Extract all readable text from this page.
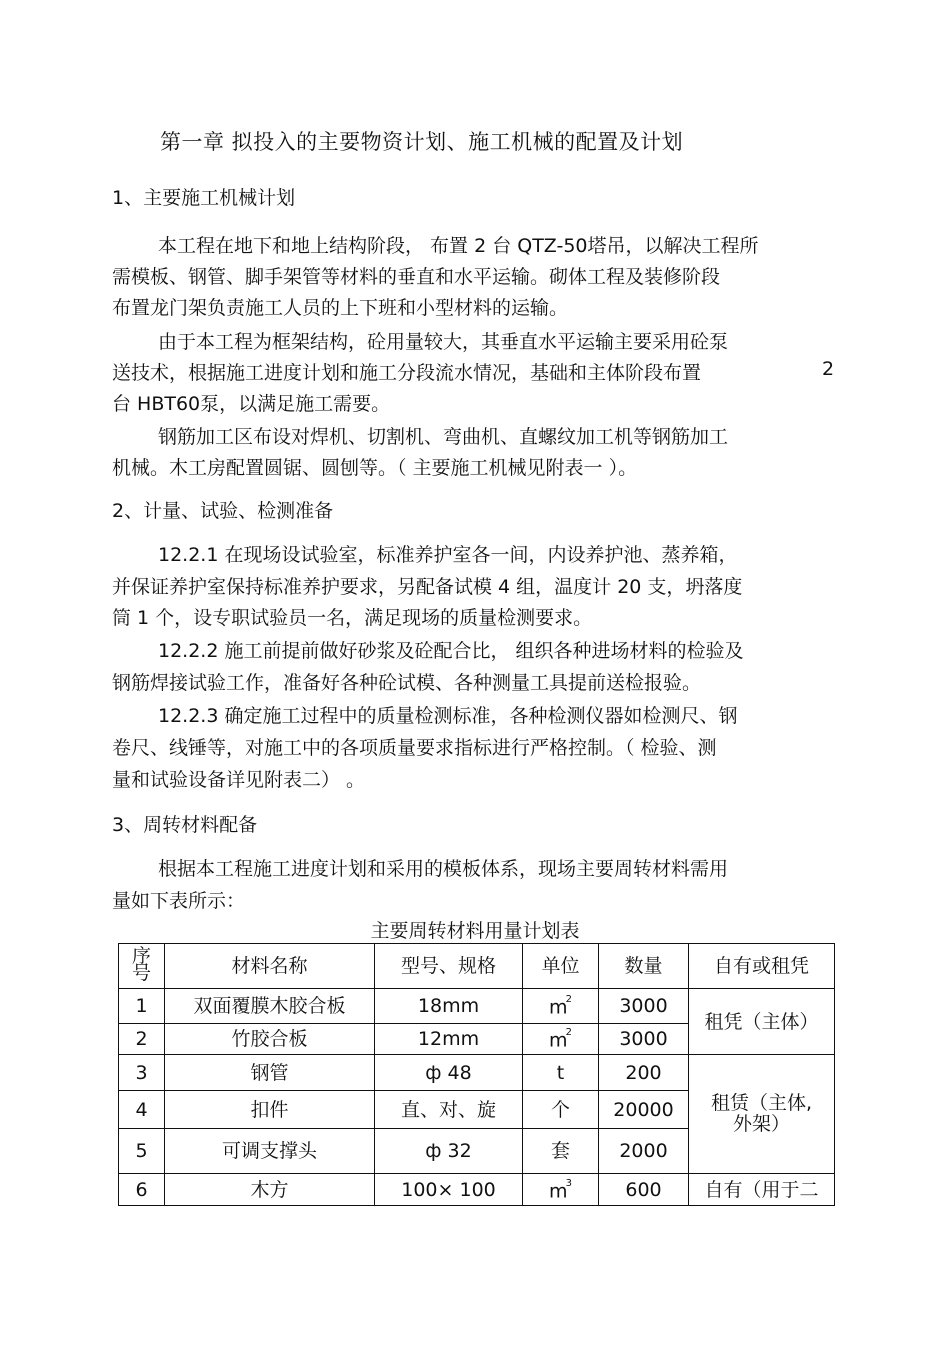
第一章 拟投入的主要物资计划、施工机械的配置及计划
1、主要施工机械计划
本工程在地下和地上结构阶段， 布置 2 台 QTZ-50塔吊，以解决工程所
需模板、钢管、脚手架管等材料的垂直和水平运输。砌体工程及装修阶段
布置龙门架负责施工人员的上下班和小型材料的运输。
由于本工程为框架结构，砼用量较大，其垂直水平运输主要采用砼泵
送技术，根据施工进度计划和施工分段流水情况，基础和主体阶段布置	2
台 HBT60泵，以满足施工需要。
钢筋加工区布设对焊机、切割机、弯曲机、直螺纹加工机等钢筋加工
机械。木工房配置圆锯、圆刨等。（ 主要施工机械见附表一 ）。
2、计量、试验、检测准备
12.2.1 在现场设试验室，标准养护室各一间，内设养护池、蒸养箱，
并保证养护室保持标准养护要求，另配备试模 4 组，温度计 20 支，坍落度
筒 1 个，设专职试验员一名，满足现场的质量检测要求。
12.2.2 施工前提前做好砂浆及砼配合比， 组织各种进场材料的检验及
钢筋焊接试验工作，准备好各种砼试模、各种测量工具提前送检报验。
12.2.3 确定施工过程中的质量检测标准，各种检测仪器如检测尺、钢
卷尺、线锤等，对施工中的各项质量要求指标进行严格控制。（ 检验、测
量和试验设备详见附表二） 。
3、周转材料配备
根据本工程施工进度计划和采用的模板体系，现场主要周转材料需用
量如下表所示：
主要周转材料用量计划表
序
号	材料名称	型号、规格	单位	数量	自有或租凭
1	双面覆膜木胶合板	18mm	$m^2$	3000	租凭（主体）
2	竹胶合板	12mm	$m^2$	3000	
3	钢管	ф 48	t	200	租赁（主体,
外架）
4	扣件	直、对、旋	个	20000	
5	可调支撑头	ф 32	套	2000	
6	木方	100× 100	$m^3$	600	自有（用于二
